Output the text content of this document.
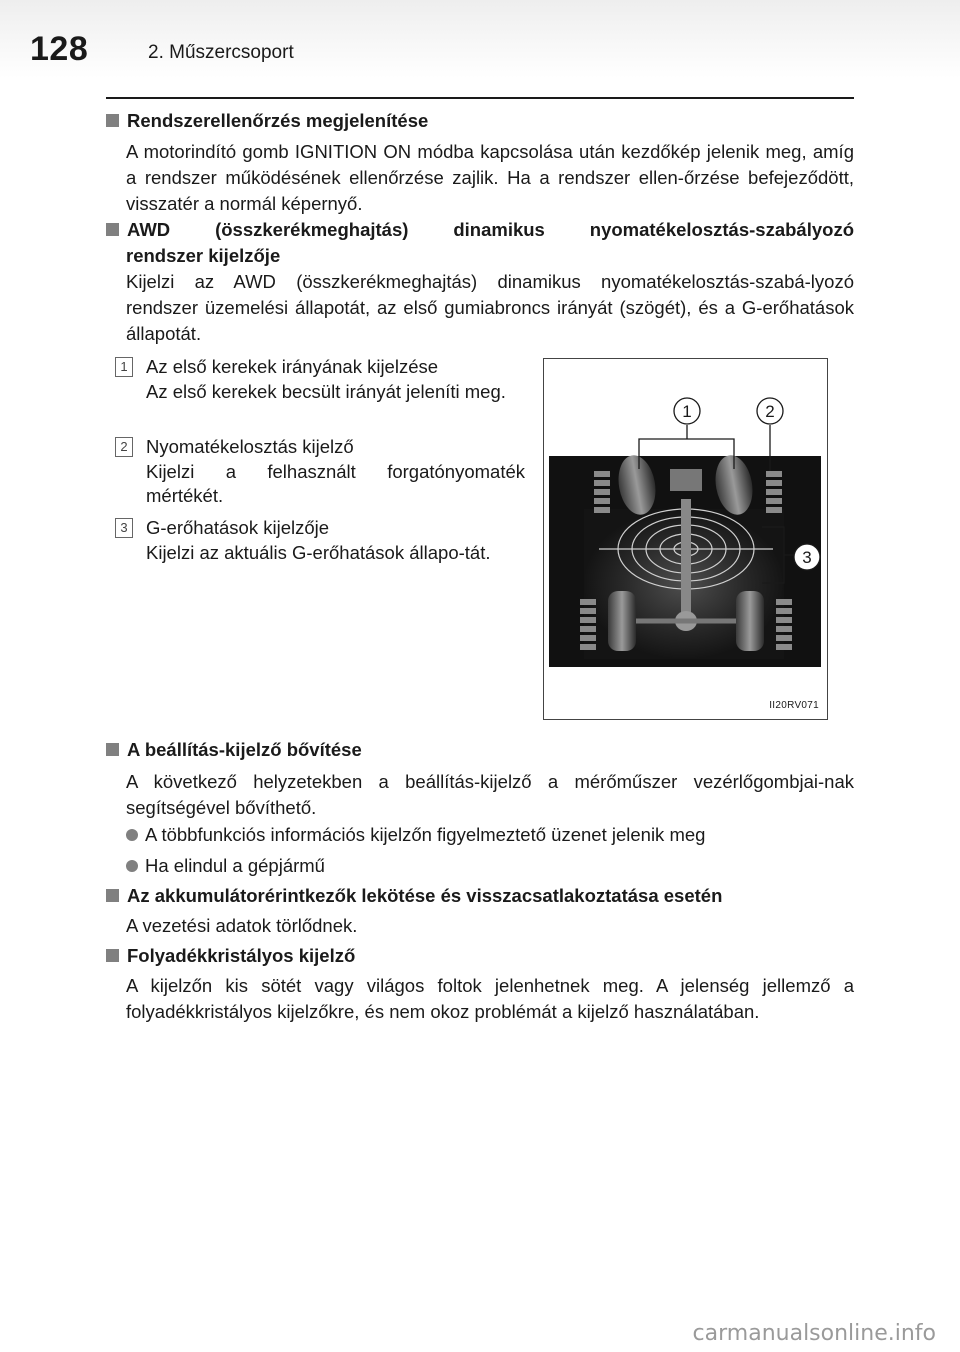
128	2. Műszercsoport
Rendszerellenőrzés megjelenítése
A motorindító gomb IGNITION ON módba kapcsolása után kezdőkép jelenik meg, amíg a rendszer működésének ellenőrzése zajlik. Ha a rendszer ellen-őrzése befejeződött, visszatér a normál képernyő.
AWD (összkerékmeghajtás) dinamikus nyomatékelosztás-szabályozó
rendszer kijelzője
Kijelzi az AWD (összkerékmeghajtás) dinamikus nyomatékelosztás-szabá-lyozó rendszer üzemelési állapotát, az első gumiabroncs irányát (szögét), és a G-erőhatások állapotát.
1 Az első kerekek irányának kijelzése
Az első kerekek becsült irányát jeleníti meg.
2 Nyomatékelosztás kijelző
Kijelzi a felhasznált forgatónyomaték mértékét.
3 G-erőhatások kijelzője
Kijelzi az aktuális G-erőhatások állapo-tát.
A beállítás-kijelző bővítése
A következő helyzetekben a beállítás-kijelző a mérőműszer vezérlőgombjai-nak segítségével bővíthető.
A többfunkciós információs kijelzőn figyelmeztető üzenet jelenik meg
Ha elindul a gépjármű
Az akkumulátorérintkezők lekötése és visszacsatlakoztatása esetén
A vezetési adatok törlődnek.
Folyadékkristályos kijelző
A kijelzőn kis sötét vagy világos foltok jelenhetnek meg. A jelenség jellemző a folyadékkristályos kijelzőkre, és nem okoz problémát a kijelző használatában.
1	2
3
II20RV071
carmanualsonline.info
